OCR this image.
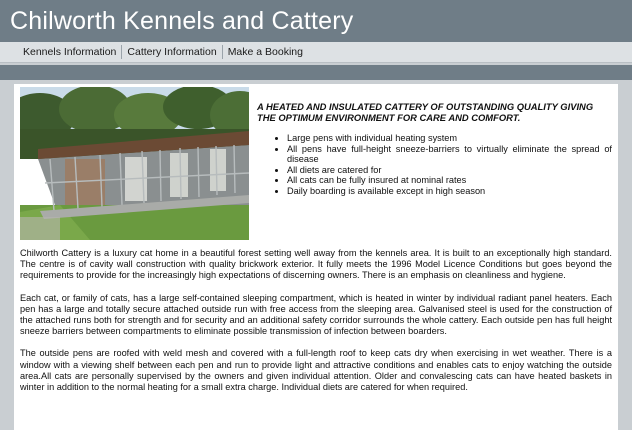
Chilworth Kennels and Cattery
Kennels Information	Cattery Information	Make a Booking

A HEATED AND INSULATED CATTERY OF OUTSTANDING QUALITY GIVING THE OPTIMUM ENVIRONMENT FOR CARE AND COMFORT.

• Large pens with individual heating system
• All pens have full-height sneeze-barriers to virtually eliminate the spread of disease
• All diets are catered for
• All cats can be fully insured at nominal rates
• Daily boarding is available except in high season

Chilworth Cattery is a luxury cat home in a beautiful forest setting well away from the kennels area. It is built to an exceptionally high standard. The centre is of cavity wall construction with quality brickwork exterior. It fully meets the 1996 Model Licence Conditions but goes beyond the requirements to provide for the increasingly high expectations of discerning owners. There is an emphasis on cleanliness and hygiene.

Each cat, or family of cats, has a large self-contained sleeping compartment, which is heated in winter by individual radiant panel heaters. Each pen has a large and totally secure attached outside run with free access from the sleeping area. Galvanised steel is used for the construction of the attached runs both for strength and for security and an additional safety corridor surrounds the whole cattery. Each outside pen has full height sneeze barriers between compartments to eliminate possible transmission of infection between boarders.

The outside pens are roofed with weld mesh and covered with a full-length roof to keep cats dry when exercising in wet weather. There is a window with a viewing shelf between each pen and run to provide light and attractive conditions and enables cats to enjoy watching the outside area.All cats are personally supervised by the owners and given individual attention. Older and convalescing cats can have heated baskets in winter in addition to the normal heating for a small extra charge. Individual diets are catered for when required.
